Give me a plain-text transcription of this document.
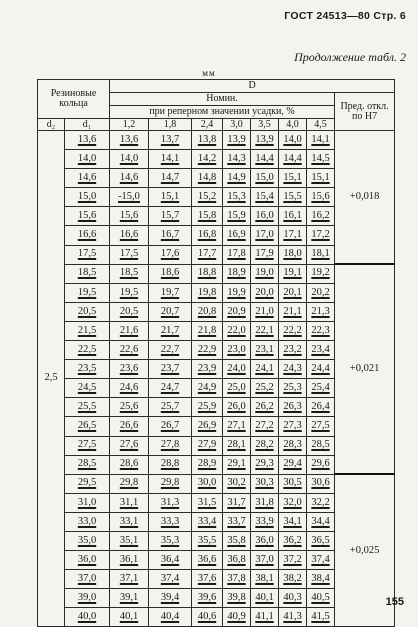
ГОСТ 24513—80 Стр. 6
Продолжение табл. 2
мм
Резиновые кольца		D							
		Номин.							Пред. откл. по Н7
		при реперном значении усадки, %							
d₂	d₁	1,2	1,8	2,4	3,0	3,5	4,0	4,5	
2,5	13,6	13,6	13,7	13,8	13,9	13,9	14,0	14,1	+0,018
	14,0	14,0	14,1	14,2	14,3	14,4	14,4	14,5	
	14,6	14,6	14,7	14,8	14,9	15,0	15,1	15,1	
	15,0	-15,0	15,1	15,2	15,3	15,4	15,5	15,6	
	15,6	15,6	15,7	15,8	15,9	16,0	16,1	16,2	
	16,6	16,6	16,7	16,8	16,9	17,0	17,1	17,2	
	17,5	17,5	17,6	17,7	17,8	17,9	18,0	18,1	
	18,5	18,5	18,6	18,8	18,9	19,0	19,1	19,2	+0,021
	19,5	19,5	19,7	19,8	19,9	20,0	20,1	20,2	
	20,5	20,5	20,7	20,8	20,9	21,0	21,1	21,3	
	21,5	21,6	21,7	21,8	22,0	22,1	22,2	22,3	
	22,5	22,6	22,7	22,9	23,0	23,1	23,2	23,4	
	23,5	23,6	23,7	23,9	24,0	24,1	24,3	24,4	
	24,5	24,6	24,7	24,9	25,0	25,2	25,3	25,4	
	25,5	25,6	25,7	25,9	26,0	26,2	26,3	26,4	
	26,5	26,6	26,7	26,9	27,1	27,2	27,3	27,5	
	27,5	27,6	27,8	27,9	28,1	28,2	28,3	28,5	
	28,5	28,6	28,8	28,9	29,1	29,3	29,4	29,6	
	29,5	29,8	29,8	30,0	30,2	30,3	30,5	30,6	+0,025
	31,0	31,1	31,3	31,5	31,7	31,8	32,0	32,2	
	33,0	33,1	33,3	33,4	33,7	33,9	34,1	34,4	
	35,0	35,1	35,3	35,5	35,8	36,0	36,2	36,5	
	36,0	36,1	36,4	36,6	36,8	37,0	37,2	37,4	
	37,0	37,1	37,4	37,6	37,8	38,1	38,2	38,4	
	39,0	39,1	39,4	39,6	39,8	40,1	40,3	40,5	
	40,0	40,1	40,4	40,6	40,9	41,1	41,3	41,5	
155
